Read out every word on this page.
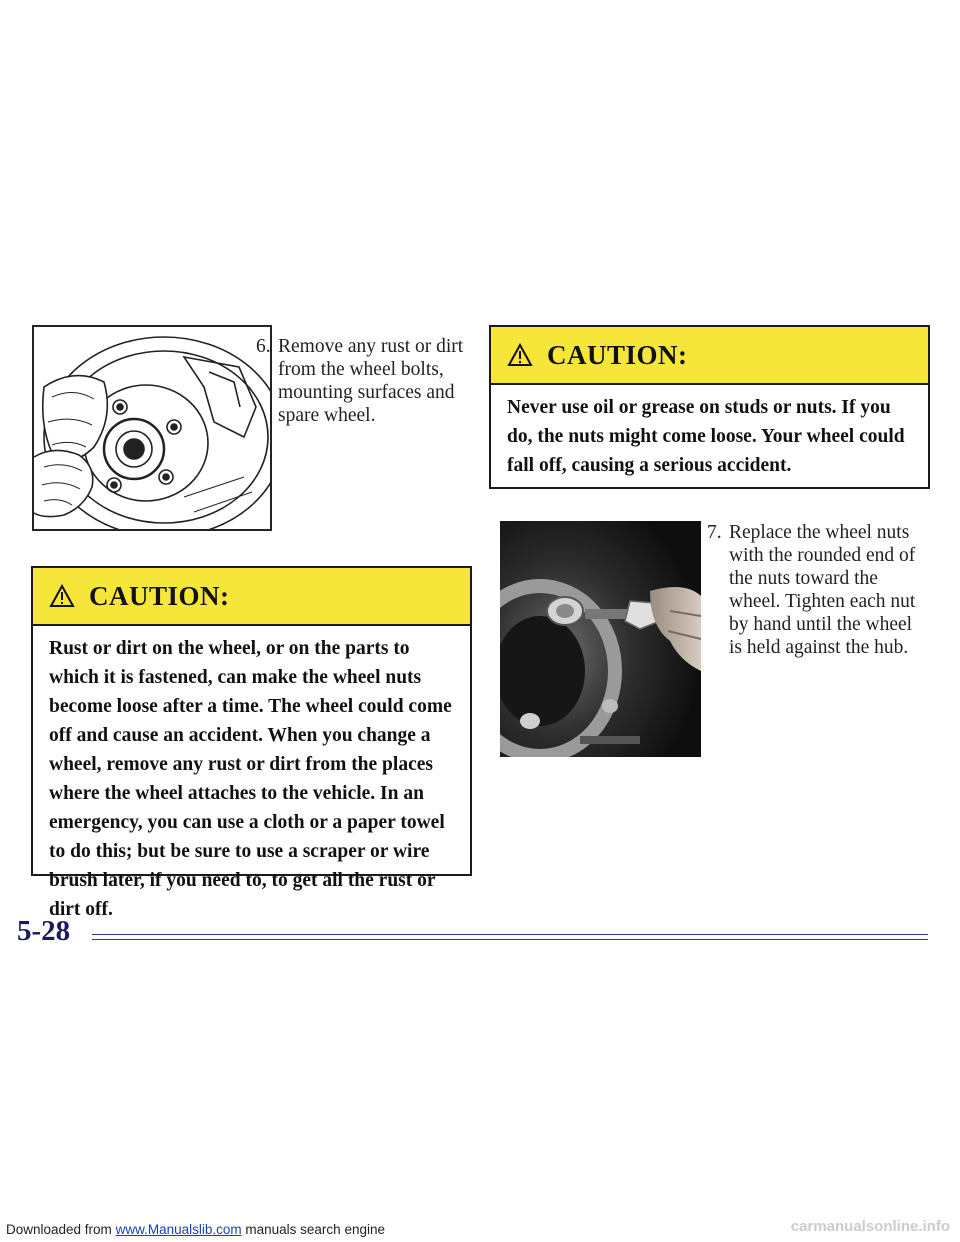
6. Remove any rust or dirt from the wheel bolts, mounting surfaces and spare wheel.
CAUTION:
Rust or dirt on the wheel, or on the parts to which it is fastened, can make the wheel nuts become loose after a time. The wheel could come off and cause an accident. When you change a wheel, remove any rust or dirt from the places where the wheel attaches to the vehicle. In an emergency, you can use a cloth or a paper towel to do this; but be sure to use a scraper or wire brush later, if you need to, to get all the rust or dirt off.
CAUTION:
Never use oil or grease on studs or nuts. If you do, the nuts might come loose. Your wheel could fall off, causing a serious accident.
7. Replace the wheel nuts with the rounded end of the nuts toward the wheel. Tighten each nut by hand until the wheel is held against the hub.
5-28
Downloaded from www.Manualslib.com manuals search engine	carmanualsonline.info
